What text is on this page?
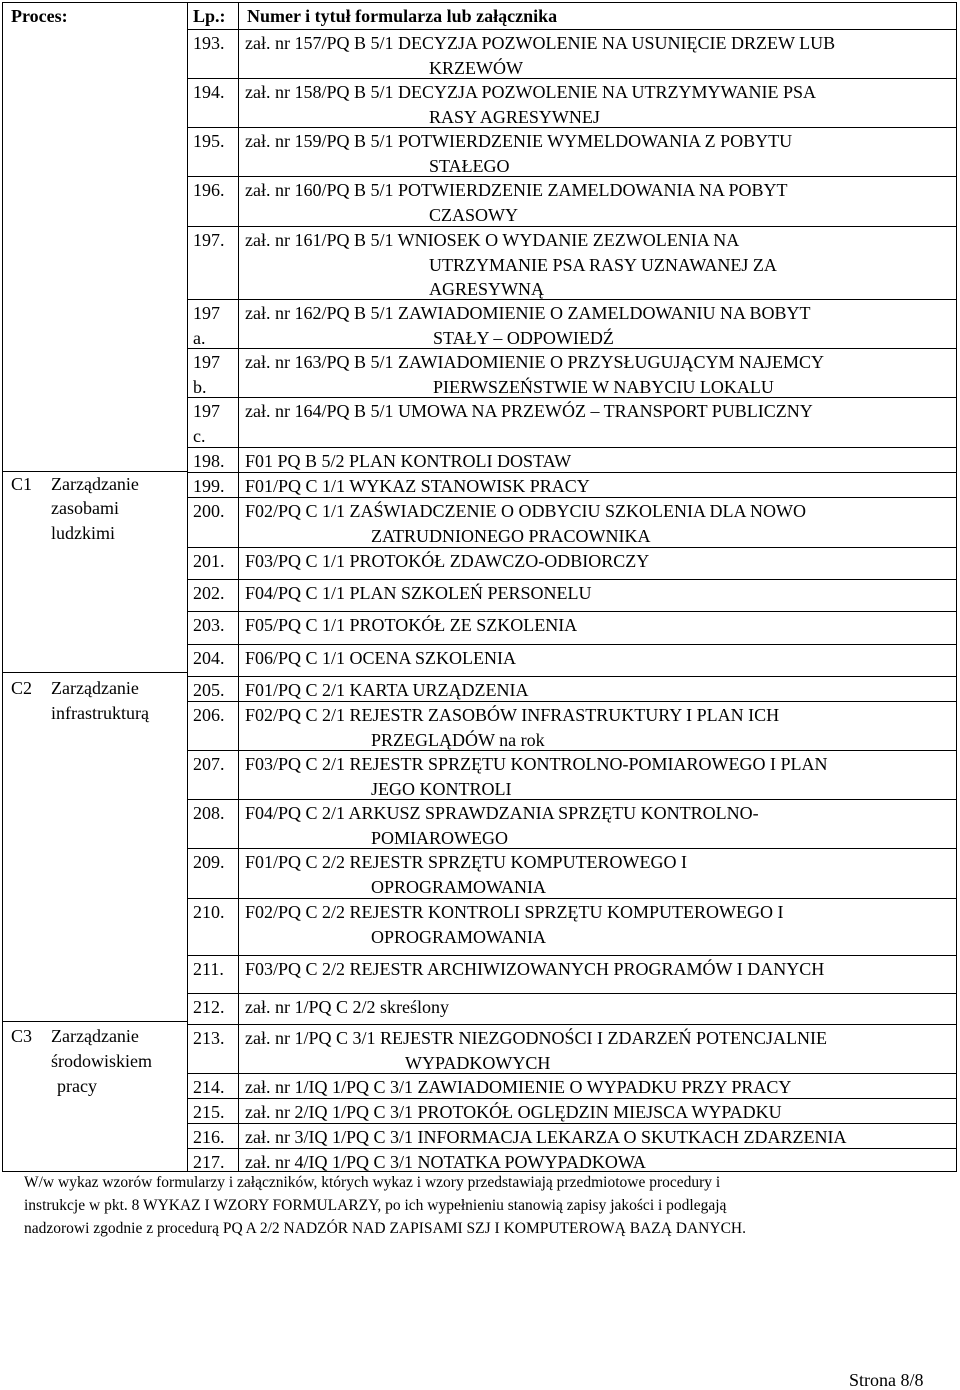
Proces:	Lp.: Numer i tytuł formularza lub załącznika
C1 Zarządzanie
zasobami
ludzkimi
C2 Zarządzanie
infrastrukturą
C3 Zarządzanie
środowiskiem
pracy
193. zał. nr 157/PQ B 5/1 DECYZJA POZWOLENIE NA USUNIĘCIE DRZEW LUB
KRZEWÓW
194. zał. nr 158/PQ B 5/1 DECYZJA POZWOLENIE NA UTRZYMYWANIE PSA
RASY AGRESYWNEJ
195. zał. nr 159/PQ B 5/1 POTWIERDZENIE WYMELDOWANIA Z POBYTU
STAŁEGO
196. zał. nr 160/PQ B 5/1 POTWIERDZENIE ZAMELDOWANIA NA POBYT
CZASOWY
197. zał. nr 161/PQ B 5/1 WNIOSEK O WYDANIE ZEZWOLENIA NA
UTRZYMANIE PSA RASY UZNAWANEJ ZA
AGRESYWNĄ
197
a.
zał. nr 162/PQ B 5/1 ZAWIADOMIENIE O ZAMELDOWANIU NA BOBYT
STAŁY – ODPOWIEDŹ
197
b.
zał. nr 163/PQ B 5/1 ZAWIADOMIENIE O PRZYSŁUGUJĄCYM NAJEMCY
PIERWSZEŃSTWIE W NABYCIU LOKALU
197
c.
zał. nr 164/PQ B 5/1 UMOWA NA PRZEWÓZ – TRANSPORT PUBLICZNY
198. F01 PQ B 5/2 PLAN KONTROLI DOSTAW
199. F01/PQ C 1/1 WYKAZ STANOWISK PRACY
200. F02/PQ C 1/1 ZAŚWIADCZENIE O ODBYCIU SZKOLENIA DLA NOWO
ZATRUDNIONEGO PRACOWNIKA
201. F03/PQ C 1/1 PROTOKÓŁ ZDAWCZO-ODBIORCZY
202. F04/PQ C 1/1 PLAN SZKOLEŃ PERSONELU
203. F05/PQ C 1/1 PROTOKÓŁ ZE SZKOLENIA
204. F06/PQ C 1/1 OCENA SZKOLENIA
205. F01/PQ C 2/1 KARTA URZĄDZENIA
206. F02/PQ C 2/1 REJESTR ZASOBÓW INFRASTRUKTURY I PLAN ICH
PRZEGLĄDÓW na rok
207. F03/PQ C 2/1 REJESTR SPRZĘTU KONTROLNO-POMIAROWEGO I PLAN
JEGO KONTROLI
208. F04/PQ C 2/1 ARKUSZ SPRAWDZANIA SPRZĘTU KONTROLNO-
POMIAROWEGO
209. F01/PQ C 2/2 REJESTR SPRZĘTU KOMPUTEROWEGO I
OPROGRAMOWANIA
210. F02/PQ C 2/2 REJESTR KONTROLI SPRZĘTU KOMPUTEROWEGO I
OPROGRAMOWANIA
211. F03/PQ C 2/2 REJESTR ARCHIWIZOWANYCH PROGRAMÓW I DANYCH
212. zał. nr 1/PQ C 2/2 skreślony
213. zał. nr 1/PQ C 3/1 REJESTR NIEZGODNOŚCI I ZDARZEŃ POTENCJALNIE
WYPADKOWYCH
214. zał. nr 1/IQ 1/PQ C 3/1 ZAWIADOMIENIE O WYPADKU PRZY PRACY
215. zał. nr 2/IQ 1/PQ C 3/1 PROTOKÓŁ OGLĘDZIN MIEJSCA WYPADKU
216. zał. nr 3/IQ 1/PQ C 3/1 INFORMACJA LEKARZA O SKUTKACH ZDARZENIA
217. zał. nr 4/IQ 1/PQ C 3/1 NOTATKA POWYPADKOWA
W/w wykaz wzorów formularzy i załączników, których wykaz i wzory przedstawiają przedmiotowe procedury i
instrukcje w pkt. 8 WYKAZ I WZORY FORMULARZY, po ich wypełnieniu stanowią zapisy jakości i podlegają
nadzorowi zgodnie z procedurą PQ A 2/2 NADZÓR NAD ZAPISAMI SZJ I KOMPUTEROWĄ BAZĄ DANYCH.
Strona 8/8
